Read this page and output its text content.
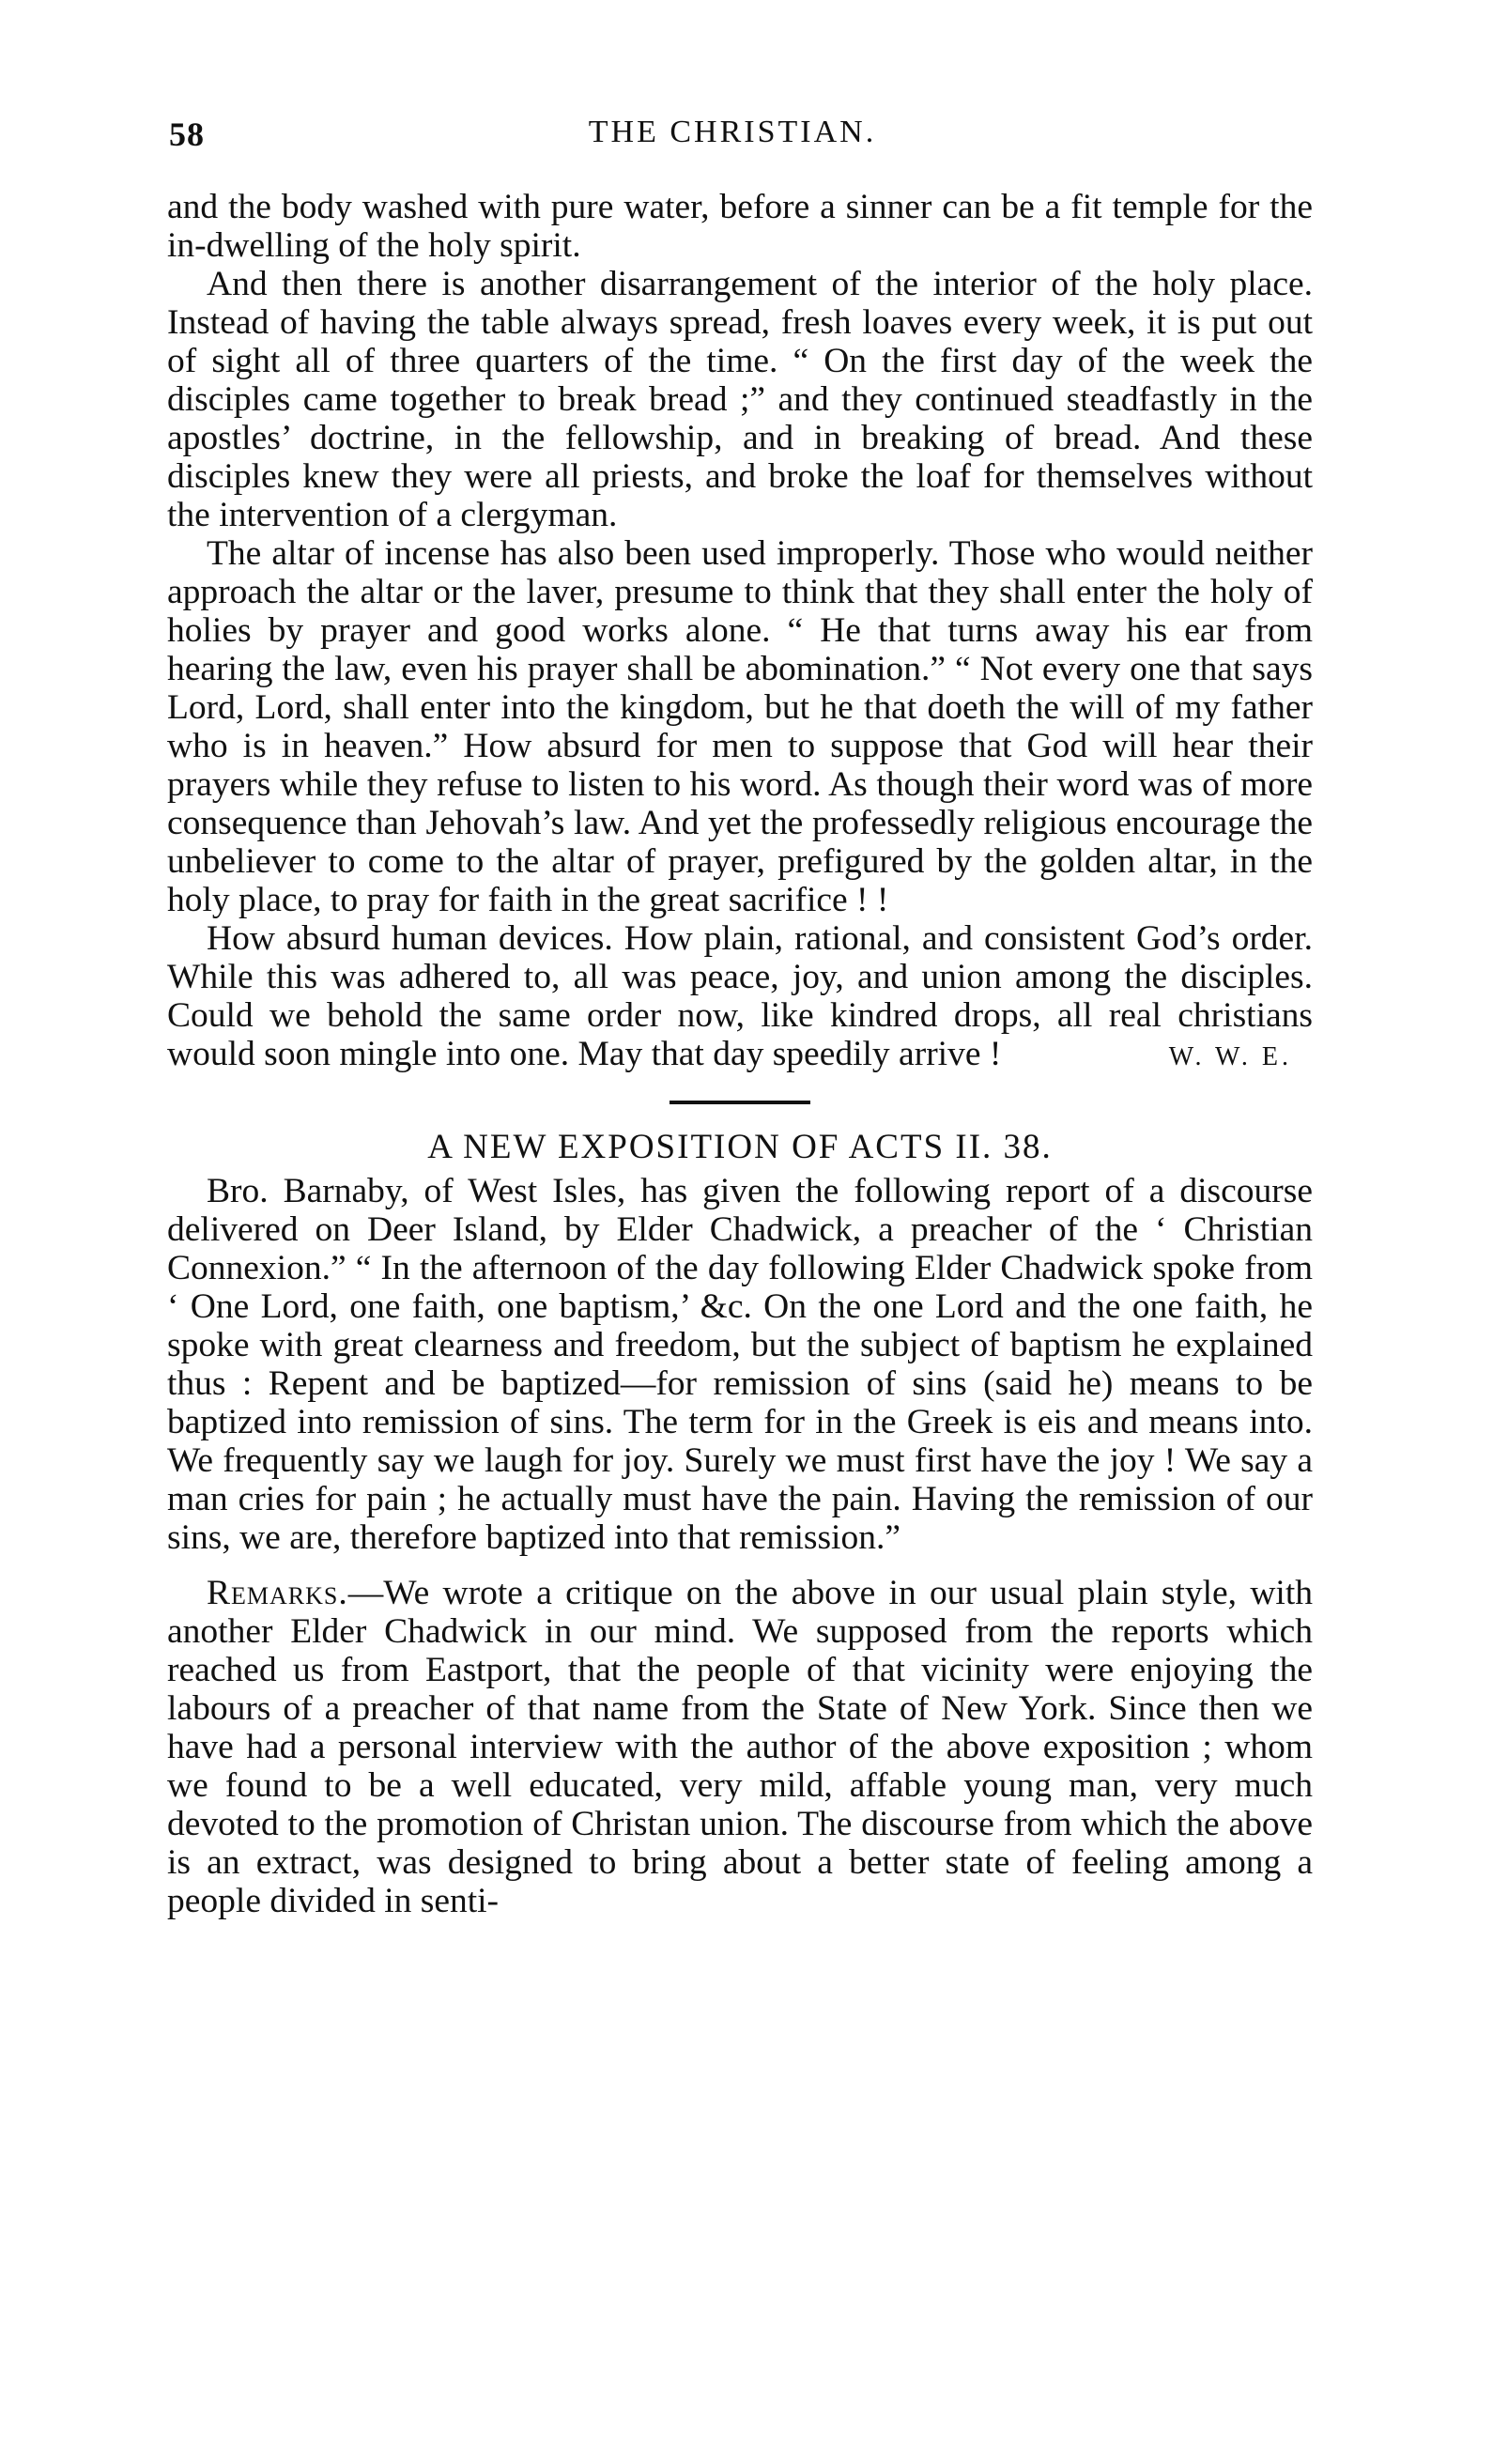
58	THE CHRISTIAN.

and the body washed with pure water, before a sinner can be a fit temple for the in-dwelling of the holy spirit.

And then there is another disarrangement of the interior of the holy place. Instead of having the table always spread, fresh loaves every week, it is put out of sight all of three quarters of the time. “ On the first day of the week the disciples came together to break bread ;” and they continued steadfastly in the apostles’ doctrine, in the fellowship, and in breaking of bread. And these disciples knew they were all priests, and broke the loaf for themselves without the intervention of a clergyman.

The altar of incense has also been used improperly. Those who would neither approach the altar or the laver, presume to think that they shall enter the holy of holies by prayer and good works alone. “ He that turns away his ear from hearing the law, even his prayer shall be abomination.” “ Not every one that says Lord, Lord, shall enter into the kingdom, but he that doeth the will of my father who is in heaven.” How absurd for men to suppose that God will hear their prayers while they refuse to listen to his word. As though their word was of more consequence than Jehovah’s law. And yet the professedly religious encourage the unbeliever to come to the altar of prayer, prefigured by the golden altar, in the holy place, to pray for faith in the great sacrifice ! !

How absurd human devices. How plain, rational, and consistent God’s order. While this was adhered to, all was peace, joy, and union among the disciples. Could we behold the same order now, like kindred drops, all real christians would soon mingle into one. May that day speedily arrive !	W. W. E.

A NEW EXPOSITION OF ACTS II. 38.

Bro. Barnaby, of West Isles, has given the following report of a discourse delivered on Deer Island, by Elder Chadwick, a preacher of the ‘ Christian Connexion.” “ In the afternoon of the day following Elder Chadwick spoke from ‘ One Lord, one faith, one baptism,’ &c. On the one Lord and the one faith, he spoke with great clearness and freedom, but the subject of baptism he explained thus : Repent and be baptized—for remission of sins (said he) means to be baptized into remission of sins. The term for in the Greek is eis and means into. We frequently say we laugh for joy. Surely we must first have the joy ! We say a man cries for pain ; he actually must have the pain. Having the remission of our sins, we are, therefore baptized into that remission.”

Remarks.—We wrote a critique on the above in our usual plain style, with another Elder Chadwick in our mind. We supposed from the reports which reached us from Eastport, that the people of that vicinity were enjoying the labours of a preacher of that name from the State of New York. Since then we have had a personal interview with the author of the above exposition ; whom we found to be a well educated, very mild, affable young man, very much devoted to the promotion of Christan union. The discourse from which the above is an extract, was designed to bring about a better state of feeling among a people divided in senti-
